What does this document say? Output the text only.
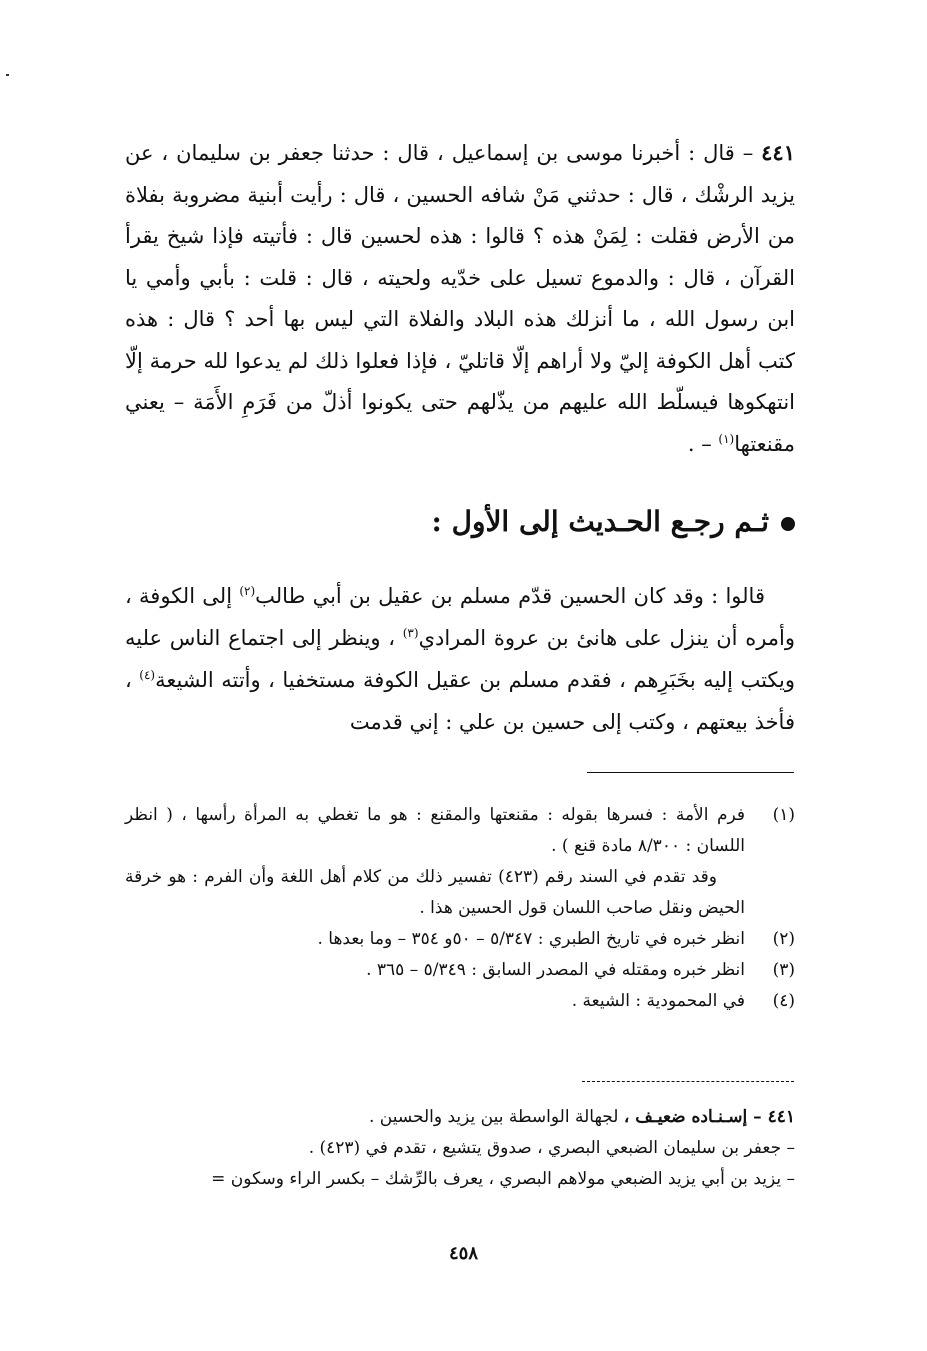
٤٤١ – قال : أخبرنا موسى بن إسماعيل ، قال : حدثنا جعفر بن سليمان ، عن يزيد الرشْك ، قال : حدثني مَنْ شافه الحسين ، قال : رأيت أبنية مضروبة بفلاة من الأرض فقلت : لِمَنْ هذه ؟ قالوا : هذه لحسين قال : فأتيته فإذا شيخ يقرأ القرآن ، قال : والدموع تسيل على خدّيه ولحيته ، قال : قلت : بأبي وأمي يا ابن رسول الله ، ما أنزلك هذه البلاد والفلاة التي ليس بها أحد ؟ قال : هذه كتب أهل الكوفة إليّ ولا أراهم إلّا قاتليّ ، فإذا فعلوا ذلك لم يدعوا لله حرمة إلّا انتهكوها فيسلّط الله عليهم من يذّلهم حتى يكونوا أذلّ من فَرَمِ الأَمَة – يعني مقنعتها$^{(١)}$ – .

ثـم رجـع الحـديث إلى الأول :

قالوا : وقد كان الحسين قدّم مسلم بن عقيل بن أبي طالب$^{(٢)}$ إلى الكوفة ، وأمره أن ينزل على هانئ بن عروة المرادي$^{(٣)}$ ، وينظر إلى اجتماع الناس عليه ويكتب إليه بخَبَرِهم ، فقدم مسلم بن عقيل الكوفة مستخفيا ، وأتته الشيعة$^{(٤)}$ ، فأخذ بيعتهم ، وكتب إلى حسين بن علي : إني قدمت

(١)
فرم الأمة : فسرها بقوله : مقنعتها والمقنع : هو ما تغطي به المرأة رأسها ، ( انظر اللسان : ٨/٣٠٠ مادة قنع ) .
وقد تقدم في السند رقم (٤٢٣) تفسير ذلك من كلام أهل اللغة وأن الفرم : هو خرقة الحيض ونقل صاحب اللسان قول الحسين هذا .
(٢)
انظر خبره في تاريخ الطبري : ٥/٣٤٧ – ٥٠و ٣٥٤ – وما بعدها .
(٣)
انظر خبره ومقتله في المصدر السابق : ٥/٣٤٩ – ٣٦٥ .
(٤)
في المحمودية : الشيعة .

٤٤١ – إسـنـاده ضعيـف ، لجهالة الواسطة بين يزيد والحسين .

– جعفر بن سليمان الضبعي البصري ، صدوق يتشيع ، تقدم في (٤٢٣) .

– يزيد بن أبي يزيد الضبعي مولاهم البصري ، يعرف بالرِّشك – بكسر الراء وسكون =

٤٥٨
